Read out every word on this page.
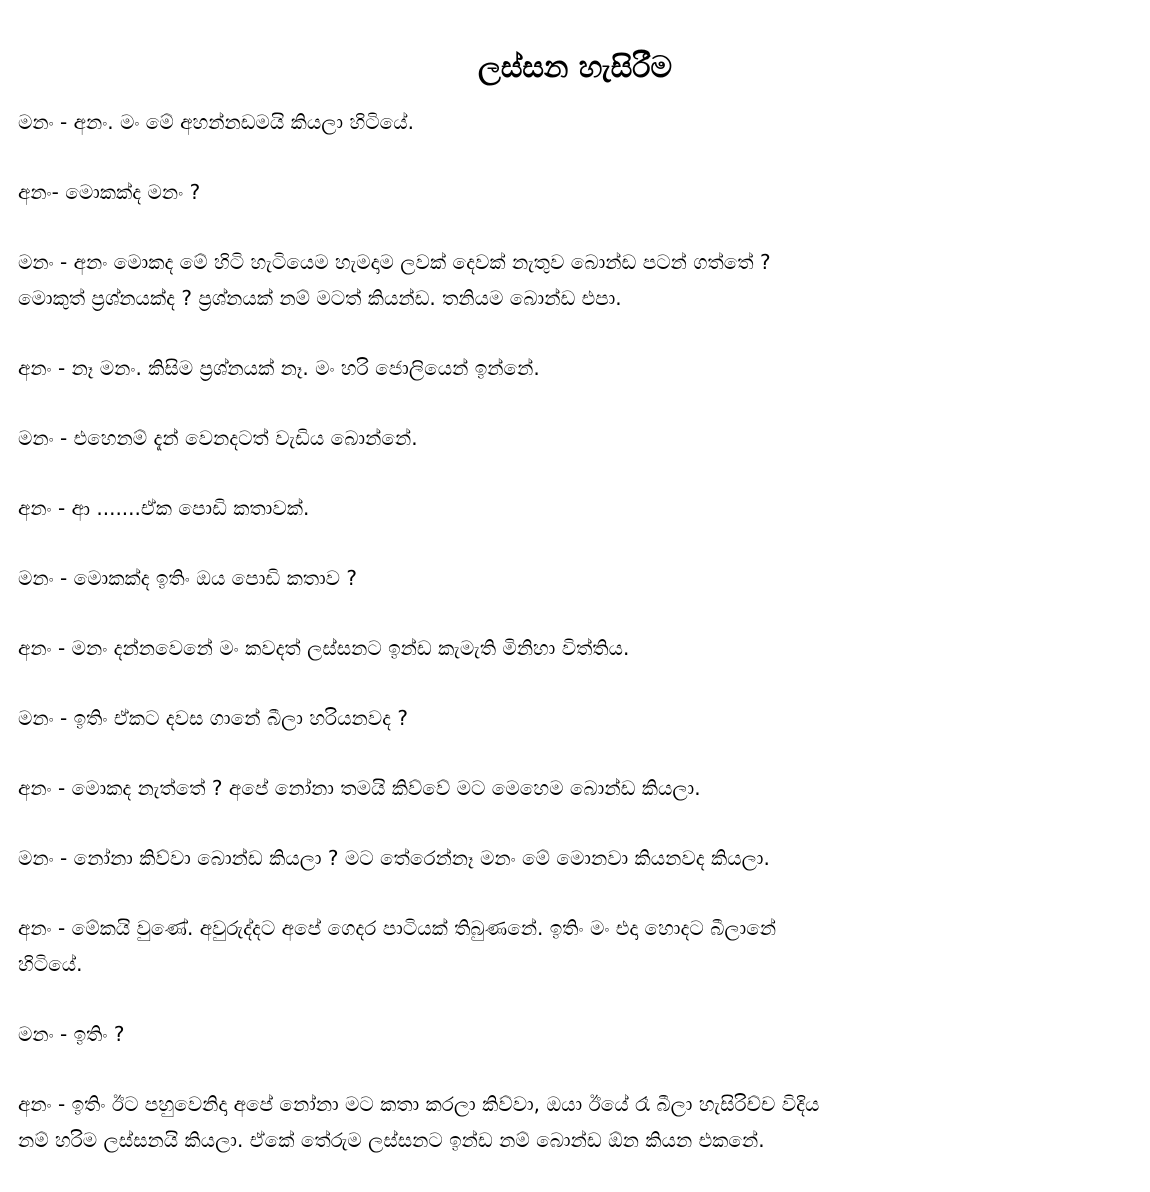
ලස්සන හැසිරීම

මනං - අනං. මං මේ අහන්නඩමයි කියලා හිටියේ.

අනං- මොකක්ද මනං ?

මනං - අනං මොකද මේ හිටි හැටියෙම හැමදාම ලවක් දෙවක් නැතුව බොන්ඩ පටන් ගත්තේ ?
මොකුත් ප්‍රශ්නයක්ද ? ප්‍රශ්නයක් නම් මටත් කියන්ඩ. තනියම බොන්ඩ එපා.

අනං - නෑ මනං. කිසිම ප්‍රශ්නයක් නෑ. මං හරි ජොලියෙන් ඉන්නේ.

මනං - එහෙනම් දැන් වෙනදටත් වැඩිය බොන්නේ.

අනං - ආ .......ඒක පොඩි කතාවක්.

මනං - මොකක්ද ඉතිං ඔය පොඩි කතාව ?

අනං - මනං දන්නවෙනේ මං කවදත් ලස්සනට ඉන්ඩ කැමැති මිනිහා විත්තිය.

මනං - ඉතිං ඒකට දවස ගානේ බීලා හරියනවද ?

අනං - මොකද නැත්තේ ? අපේ නෝනා තමයි කිව්වේ මට මෙහෙම බොන්ඩ කියලා.

මනං - නෝනා කිව්වා බොන්ඩ කියලා ? මට තේරෙන්නෑ මනං මේ මොනවා කියනවද කියලා.

අනං - මේකයි වුණේ. අවුරුද්දට අපේ ගෙදර පාටියක් තිබුණනේ. ඉතිං මං එදා හොදට බීලානේ
හිටියේ.

මනං - ඉතිං ?

අනං - ඉතිං ඊට පහුවෙනිදා අපේ නෝනා මට කතා කරලා කිව්වා, ඔයා ඊයේ රෑ බීලා හැසිරිච්ච විදිය
නම් හරිම ලස්සනයි කියලා. ඒකේ තේරුම ලස්සනට ඉන්ඩ නම් බොන්ඩ ඕන කියන එකනේ.
